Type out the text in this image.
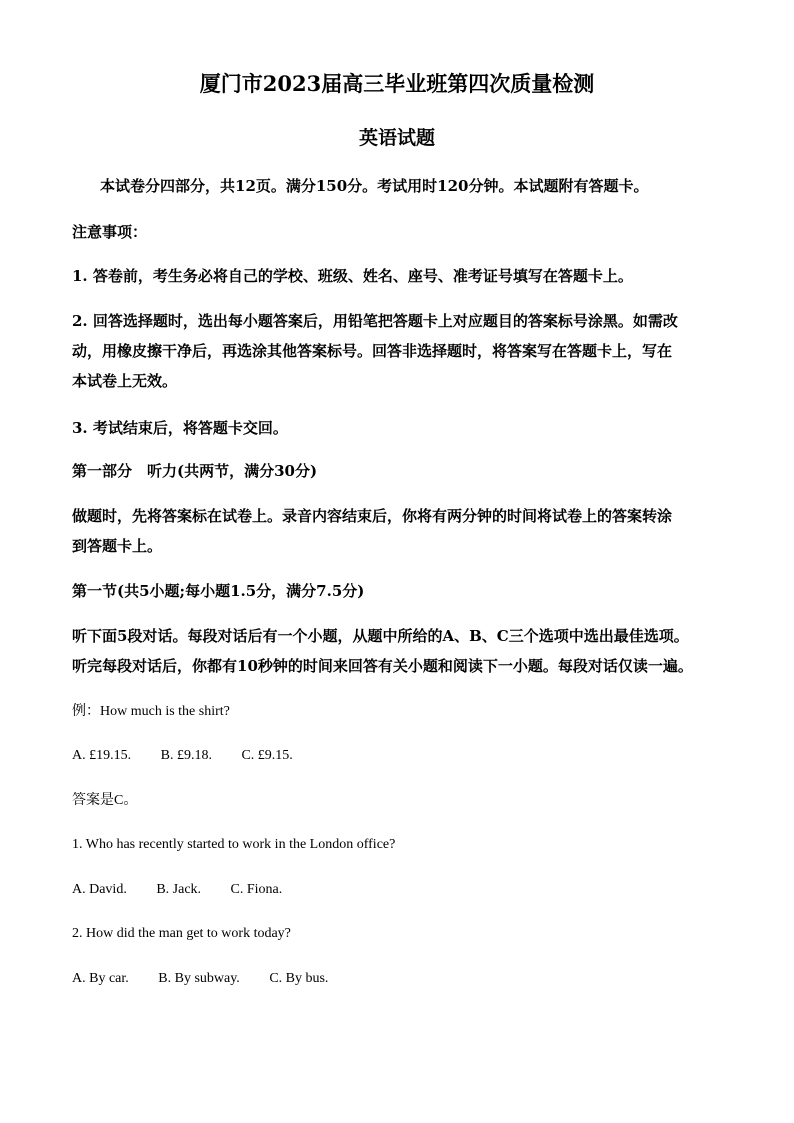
厦门市2023届高三毕业班第四次质量检测
英语试题
本试卷分四部分，共12页。满分150分。考试用时120分钟。本试题附有答题卡。
注意事项：
1. 答卷前，考生务必将自己的学校、班级、姓名、座号、准考证号填写在答题卡上。
2. 回答选择题时，选出每小题答案后，用铅笔把答题卡上对应题目的答案标号涂黑。如需改
动，用橡皮擦干净后，再选涂其他答案标号。回答非选择题时，将答案写在答题卡上，写在
本试卷上无效。
3. 考试结束后，将答题卡交回。
第一部分　听力(共两节，满分30分)
做题时，先将答案标在试卷上。录音内容结束后，你将有两分钟的时间将试卷上的答案转涂
到答题卡上。
第一节(共5小题;每小题1.5分，满分7.5分)
听下面5段对话。每段对话后有一个小题，从题中所给的A、B、C三个选项中选出最佳选项。
听完每段对话后，你都有10秒钟的时间来回答有关小题和阅读下一小题。每段对话仅读一遍。
例：How much is the shirt?
A. £19.15. B. £9.18. C. £9.15.
答案是C。
1. Who has recently started to work in the London office?
A. David. B. Jack. C. Fiona.
2. How did the man get to work today?
A. By car. B. By subway. C. By bus.
